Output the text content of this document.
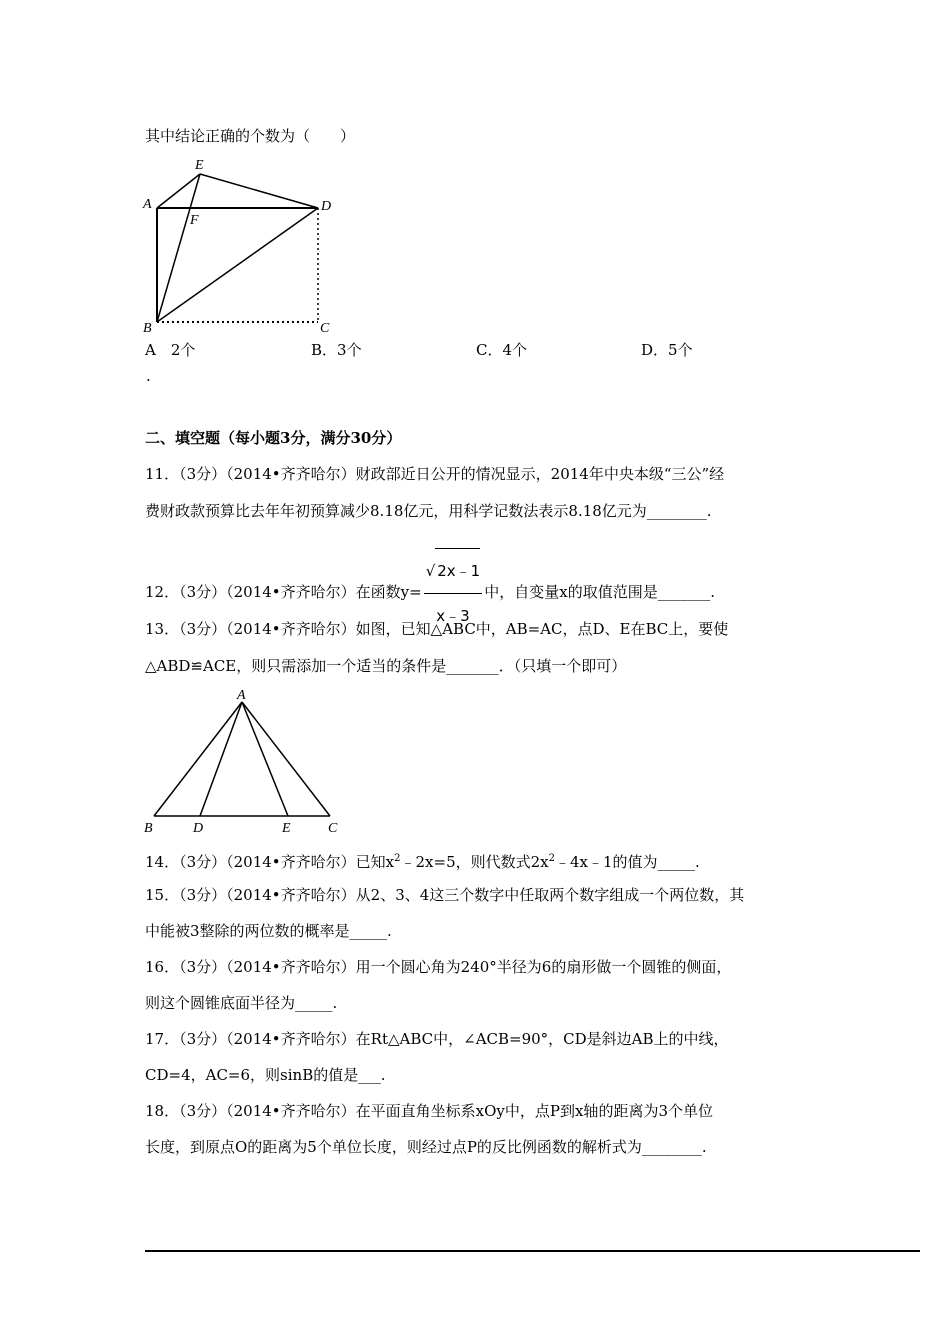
其中结论正确的个数为（　　）
E
A
F
D
B	C
A　2个	B．3个	C．4个	D．5个
.
二、填空题（每小题3分，满分30分）
11．（3分）（2014•齐齐哈尔）财政部近日公开的情况显示，2014年中央本级“三公”经
费财政款预算比去年年初预算减少8.18亿元，用科学记数法表示8.18亿元为________.
12．（3分）（2014•齐齐哈尔）在函数$y= \frac{√ 2x﹣1}{x﹣3}$ 中，自变量x的取值范围是_______.
13．（3分）（2014•齐齐哈尔）如图，已知△ABC中，AB=AC，点D、E在BC上，要使
△ABD≌ACE，则只需添加一个适当的条件是_______．（只填一个即可）
A
B	D	E	C
14．（3分）（2014•齐齐哈尔）已知$x^2﹣2x=5$，则代数式$2x^2﹣4x﹣1$的值为_____.
15．（3分）（2014•齐齐哈尔）从2、3、4这三个数字中任取两个数字组成一个两位数，其
中能被3整除的两位数的概率是_____.
16．（3分）（2014•齐齐哈尔）用一个圆心角为240°半径为6的扇形做一个圆锥的侧面，
则这个圆锥底面半径为_____.
17．（3分）（2014•齐齐哈尔）在Rt△ABC中，∠ACB=90°，CD是斜边AB上的中线，
CD=4，AC=6，则sinB的值是___.
18．（3分）（2014•齐齐哈尔）在平面直角坐标系xOy中，点P到x轴的距离为3个单位
长度，到原点O的距离为5个单位长度，则经过点P的反比例函数的解析式为________.
